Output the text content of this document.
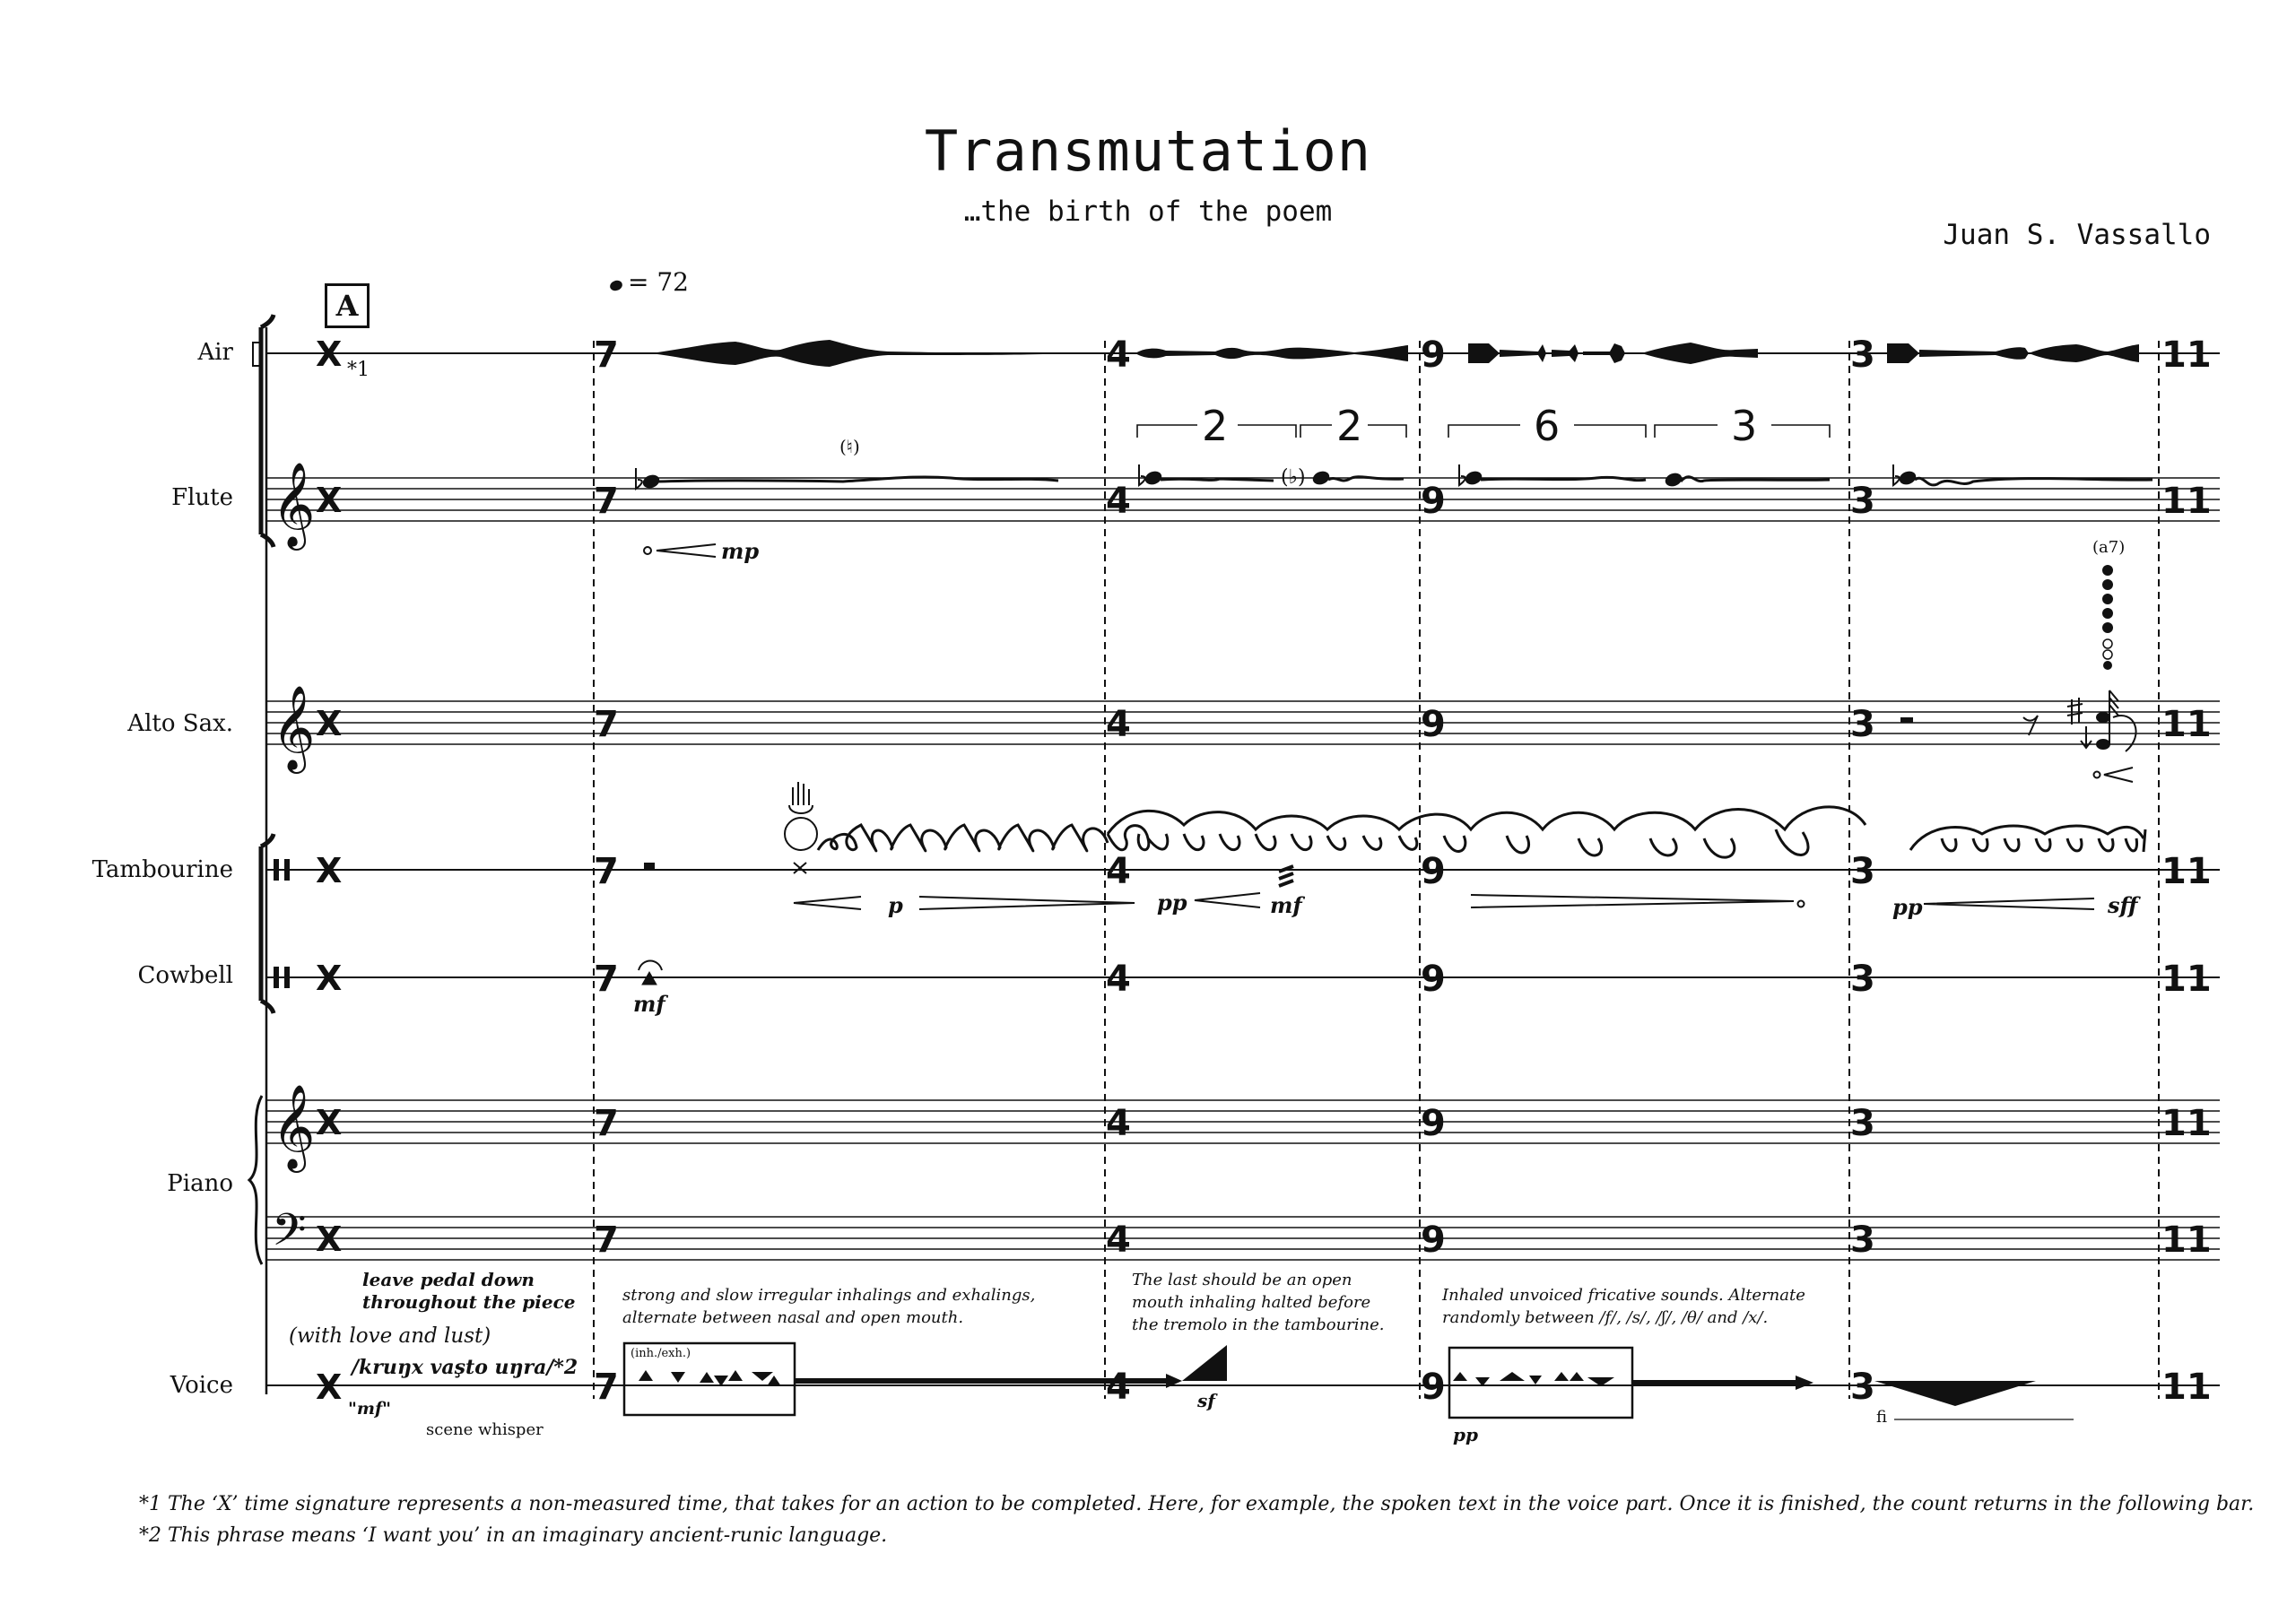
Transmutation
…the birth of the poem
Juan S. Vassallo
A
= 72
Air
Flute
Alto Sax.
Tambourine
Cowbell
Piano
Voice
X
X
X
X
X
X
X
X
𝄞
𝄞
𝄞
𝄢
7
7
7
7
7
7
7
7
4
4
4
4
4
4
4
4
9
9
9
9
9
9
9
9
3
3
3
3
3
3
3
3
11
11
11
11
11
11
11
11
*1
2	2	6	3
(♮)
(♭)
mp	(a7)
p	pp	mf	pp	sff
mf
leave pedal down
throughout the piece
(with love and lust)
/kruŋx vaşto uŋra/*2
"mf"
scene whisper
strong and slow irregular inhalings and exhalings,
alternate between nasal and open mouth.
(inh./exh.)
The last should be an open
mouth inhaling halted before
the tremolo in the tambourine.
sf
Inhaled unvoiced fricative sounds. Alternate
randomly between /f/, /s/, /ʃ/, /θ/ and /x/.
pp
fi
*1 The ‘X’ time signature represents a non-measured time, that takes for an action to be completed. Here, for example, the spoken text in the voice part. Once it is finished, the count returns in the following bar.
*2 This phrase means ‘I want you’ in an imaginary ancient-runic language.
